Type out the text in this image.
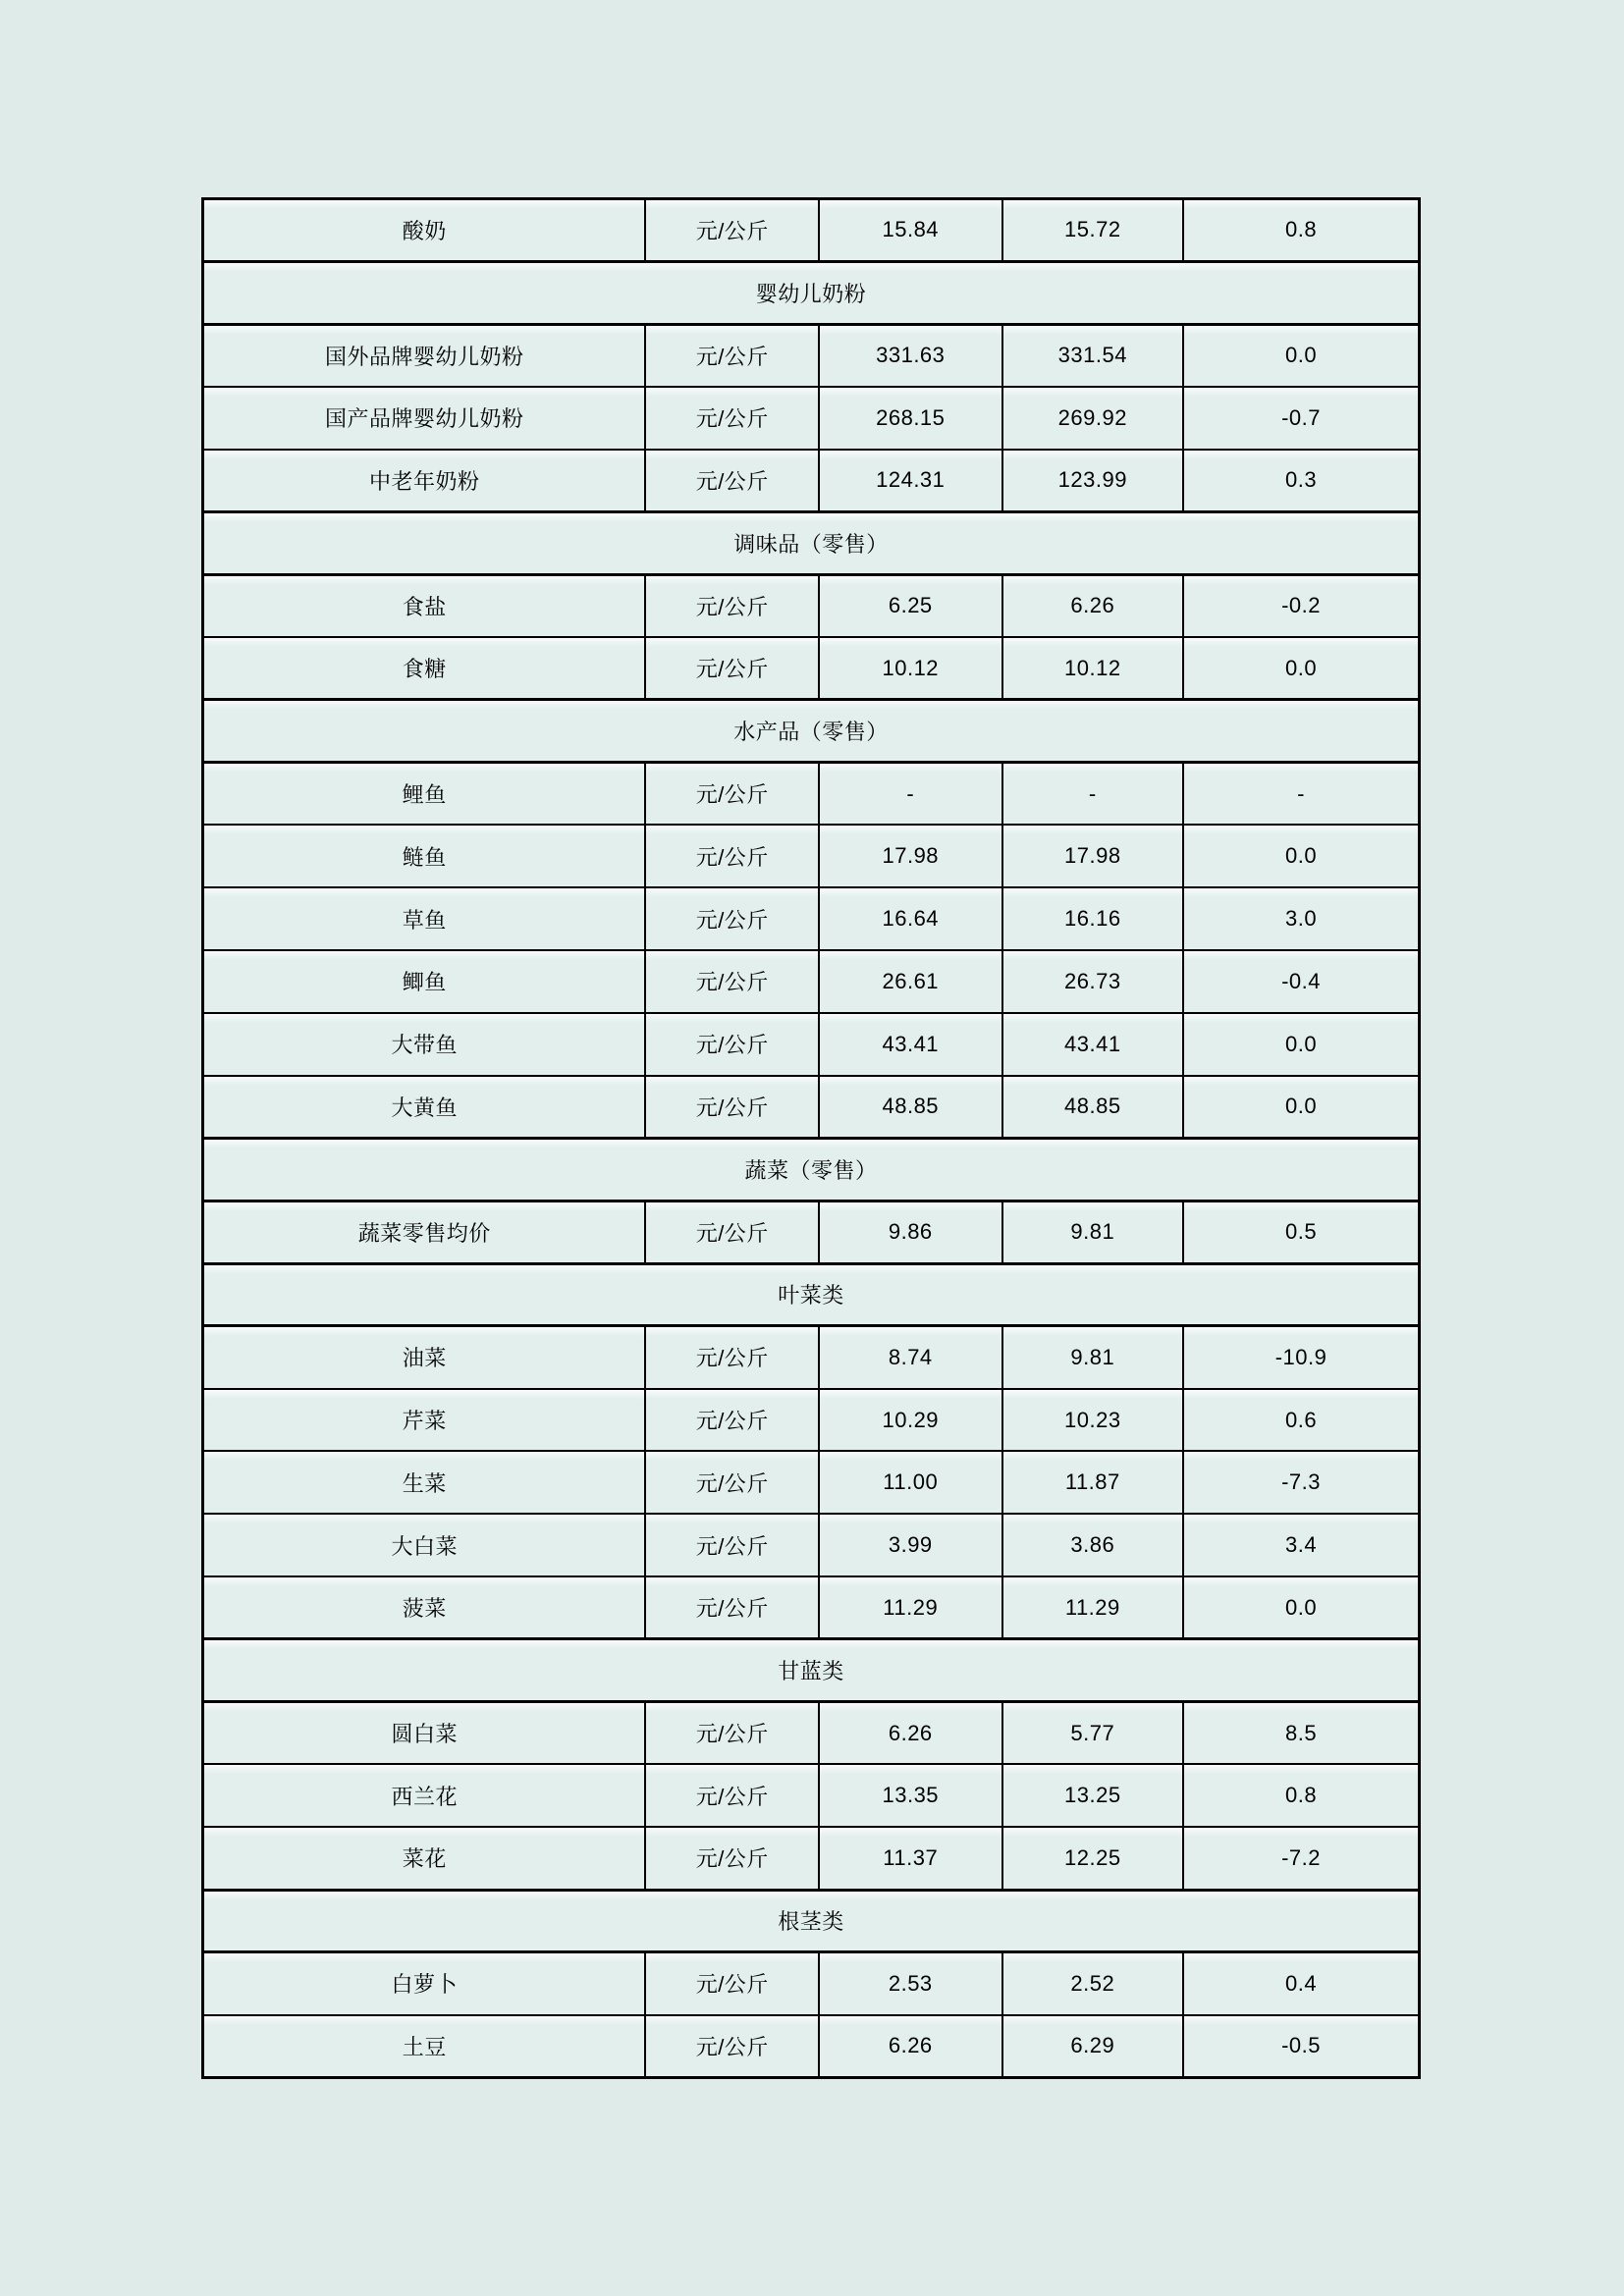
酸奶	元/公斤	15.84	15.72	0.8
婴幼儿奶粉				
国外品牌婴幼儿奶粉	元/公斤	331.63	331.54	0.0
国产品牌婴幼儿奶粉	元/公斤	268.15	269.92	-0.7
中老年奶粉	元/公斤	124.31	123.99	0.3
调味品（零售）				
食盐	元/公斤	6.25	6.26	-0.2
食糖	元/公斤	10.12	10.12	0.0
水产品（零售）				
鲤鱼	元/公斤	-	-	-
鲢鱼	元/公斤	17.98	17.98	0.0
草鱼	元/公斤	16.64	16.16	3.0
鲫鱼	元/公斤	26.61	26.73	-0.4
大带鱼	元/公斤	43.41	43.41	0.0
大黄鱼	元/公斤	48.85	48.85	0.0
蔬菜（零售）				
蔬菜零售均价	元/公斤	9.86	9.81	0.5
叶菜类				
油菜	元/公斤	8.74	9.81	-10.9
芹菜	元/公斤	10.29	10.23	0.6
生菜	元/公斤	11.00	11.87	-7.3
大白菜	元/公斤	3.99	3.86	3.4
菠菜	元/公斤	11.29	11.29	0.0
甘蓝类				
圆白菜	元/公斤	6.26	5.77	8.5
西兰花	元/公斤	13.35	13.25	0.8
菜花	元/公斤	11.37	12.25	-7.2
根茎类				
白萝卜	元/公斤	2.53	2.52	0.4
土豆	元/公斤	6.26	6.29	-0.5
